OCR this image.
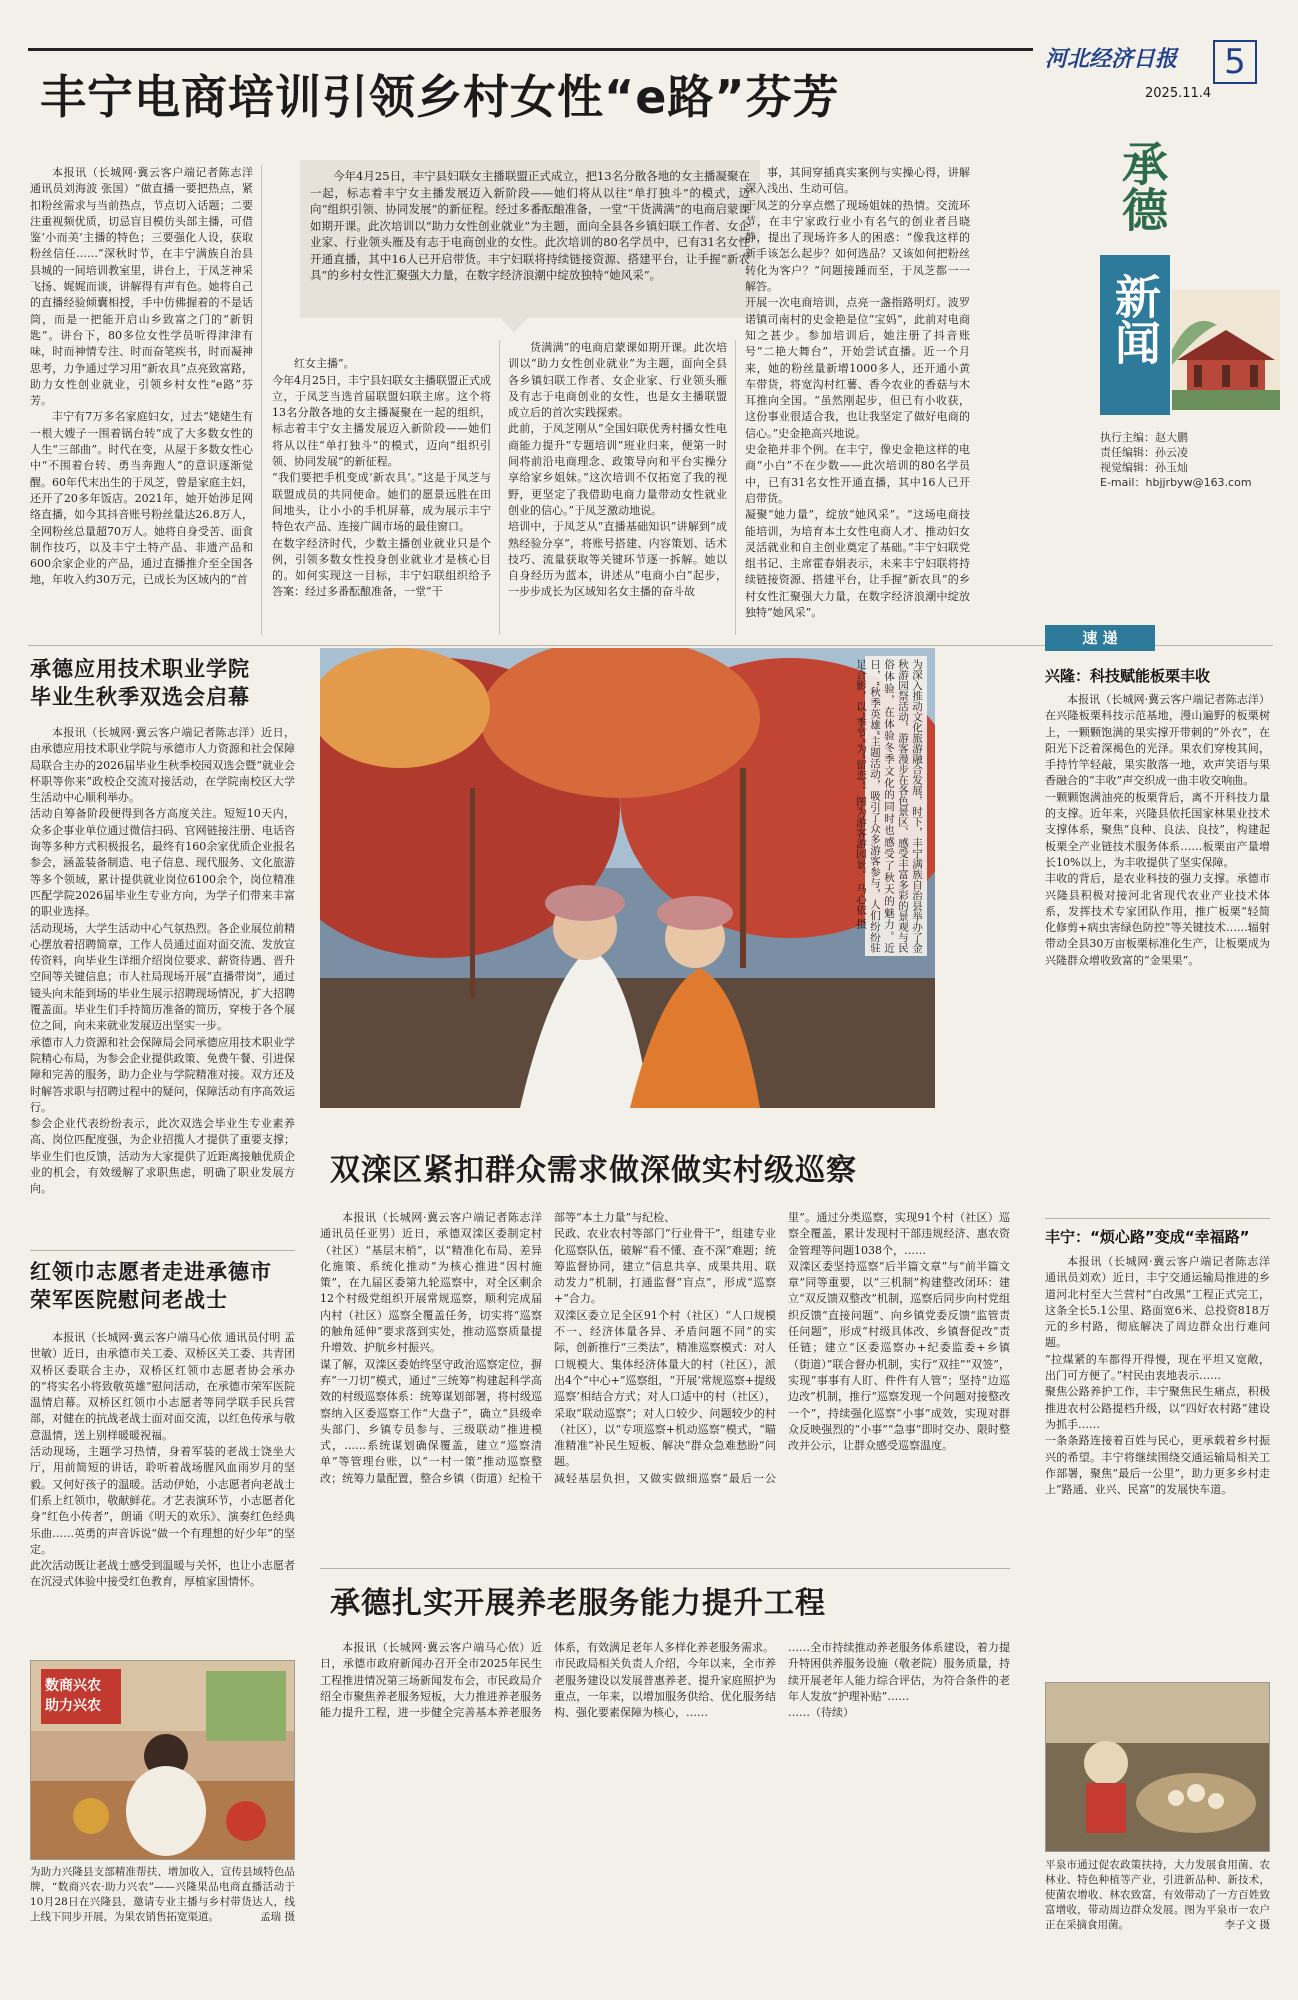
丰宁电商培训引领乡村女性“e路”芬芳
河北经济日报	5
2025.11.4
承德
新闻
执行主编：赵大鹏
责任编辑：孙云凌
视觉编辑：孙玉灿
E-mail：hbjjrbyw@163.com

本报讯（长城网·冀云客户端记者陈志洋 通讯员刘海波 张国）“做直播一要把热点，紧扣粉丝需求与当前热点，节点切入话题；二要注重视频优质，切忌盲目模仿头部主播，可借鉴‘小而美’主播的特色；三要强化人设，获取粉丝信任……”深秋时节，在丰宁满族自治县县城的一间培训教室里，讲台上，于凤芝神采飞扬、娓娓而谈，讲解得有声有色。她将自己的直播经验倾囊相授，手中仿佛握着的不是话筒，而是一把能开启山乡致富之门的“新钥匙”。讲台下，80多位女性学员听得津津有味，时而神情专注、时而奋笔疾书，时而凝神思考，力争通过学习用“新农具”点亮致富路，助力女性创业就业，引领乡村女性“e路”芬芳。

丰宁有7万多名家庭妇女，过去“姥姥生有一根大嫂子一围着锅台转”成了大多数女性的人生“三部曲”。时代在变，从屋于多数女性心中“不围着台转、勇当奔跑人”的意识逐渐觉醒。60年代末出生的于凤芝，曾是家庭主妇，还开了20多年饭店。2021年，她开始涉足网络直播，如今其抖音账号粉丝量达26.8万人，全网粉丝总量超70万人。她将自身受苦、面食制作技巧，以及丰宁土特产品、非遗产品和600余家企业的产品，通过直播推介至全国各地，年收入约30万元，已成长为区域内的“首

今年4月25日，丰宁县妇联女主播联盟正式成立，把13名分散各地的女主播凝聚在一起，标志着丰宁女主播发展迈入新阶段——她们将从以往“单打独斗”的模式，迈向“组织引领、协同发展”的新征程。经过多番酝酿准备，一堂“干货满满”的电商启蒙课如期开课。此次培训以“助力女性创业就业”为主题，面向全县各乡镇妇联工作者、女企业家、行业领头雁及有志于电商创业的女性。此次培训的80名学员中，已有31名女性开通直播，其中16人已开启带货。丰宁妇联将持续链接资源、搭建平台，让手握“新农具”的乡村女性汇聚强大力量，在数字经济浪潮中绽放独特“她风采”。

红女主播”。
今年4月25日，丰宁县妇联女主播联盟正式成立，于凤芝当选首届联盟妇联主席。这个将13名分散各地的女主播凝聚在一起的组织，标志着丰宁女主播发展迈入新阶段——她们将从以往“单打独斗”的模式，迈向“组织引领、协同发展”的新征程。
“我们要把手机变成‘新农具’。”这是于凤芝与联盟成员的共同使命。她们的愿景远胜在田间地头，让小小的手机屏幕，成为展示丰宁特色农产品、连接广阔市场的最佳窗口。
在数字经济时代，少数主播创业就业只是个例，引领多数女性投身创业就业才是核心目的。如何实现这一目标，丰宁妇联组织给予答案：经过多番酝酿准备，一堂“干

货满满”的电商启蒙课如期开课。此次培训以“助力女性创业就业”为主题，面向全县各乡镇妇联工作者、女企业家、行业领头雁及有志于电商创业的女性，也是女主播联盟成立后的首次实践探索。
此前，于凤芝刚从“全国妇联优秀村播女性电商能力提升”专题培训”班业归来，便第一时间将前沿电商理念、政策导向和平台实操分享给家乡姐妹。”这次培训不仅拓宽了我的视野，更坚定了我借助电商力量带动女性就业创业的信心。”于凤芝激动地说。
培训中，于凤芝从“直播基础知识”讲解到“成熟经验分享”，将账号搭建、内容策划、话术技巧、流量获取等关键环节逐一拆解。她以自身经历为蓝本，讲述从“电商小白”起步，一步步成长为区域知名女主播的奋斗故

事，其间穿插真实案例与实操心得，讲解深入浅出、生动可信。
于凤芝的分享点燃了现场姐妹的热情。交流环节，在丰宁家政行业小有名气的创业者吕晓静，提出了现场许多人的困惑：“像我这样的新手该怎么起步？如何选品？又该如何把粉丝转化为客户？”问题接踵而至，于凤芝都一一解答。
开展一次电商培训，点亮一盏指路明灯。波罗诺镇司南村的史金艳是位“宝妈”，此前对电商知之甚少。参加培训后，她注册了抖音账号“二艳大舞台”，开始尝试直播。近一个月来，她的粉丝量新增1000多人，还开通小黄车带货，将宽沟村红薯、香今农业的香菇与木耳推向全国。“虽然刚起步，但已有小收获，这份事业很适合我，也让我坚定了做好电商的信心。”史金艳高兴地说。
史金艳并非个例。在丰宁，像史金艳这样的电商“小白”不在少数——此次培训的80名学员中，已有31名女性开通直播，其中16人已开启带货。
凝聚“她力量”，绽放“她风采”。“这场电商技能培训，为培育本土女性电商人才、推动妇女灵活就业和自主创业奠定了基础。”丰宁妇联党组书记、主席霍春娟表示，未来丰宁妇联将持续链接资源、搭建平台，让手握“新农具”的乡村女性汇聚强大力量，在数字经济浪潮中绽放独特“她风采”。

承德应用技术职业学院
毕业生秋季双选会启幕

本报讯（长城网·冀云客户端记者陈志洋）近日，由承德应用技术职业学院与承德市人力资源和社会保障局联合主办的2026届毕业生秋季校园双选会暨“就业会杯职等你来”政校企交流对接活动，在学院南校区大学生活动中心顺利举办。
活动自筹备阶段便得到各方高度关注。短短10天内，众多企事业单位通过微信扫码、官网链接注册、电话咨询等多种方式积极报名，最终有160余家优质企业报名参会，涵盖装备制造、电子信息、现代服务、文化旅游等多个领域，累计提供就业岗位6100余个，岗位精准匹配学院2026届毕业生专业方向，为学子们带来丰富的职业选择。
活动现场，大学生活动中心气氛热烈。各企业展位前精心摆放着招聘简章，工作人员通过面对面交流、发放宣传资料，向毕业生详细介绍岗位要求、薪资待遇、晋升空间等关键信息；市人社局现场开展“直播带岗”，通过镜头向未能到场的毕业生展示招聘现场情况，扩大招聘覆盖面。毕业生们手持简历准备的简历，穿梭于各个展位之间，向未来就业发展迈出坚实一步。
承德市人力资源和社会保障局会同承德应用技术职业学院精心布局，为参会企业提供政策、免费午餐、引进保障和完善的服务，助力企业与学院精准对接。双方还及时解答求职与招聘过程中的疑问，保障活动有序高效运行。
参会企业代表纷纷表示，此次双选会毕业生专业素养高、岗位匹配度强，为企业招揽人才提供了重要支撑；毕业生们也反馈，活动为大家提供了近距离接触优质企业的机会，有效缓解了求职焦虑，明确了职业发展方向。

红领巾志愿者走进承德市
荣军医院慰问老战士

本报讯（长城网·冀云客户端马心依 通讯员付明 孟世敏）近日，由承德市关工委、双桥区关工委、共青团双桥区委联合主办，双桥区红领巾志愿者协会承办的“将实名小将致敬英雄”慰问活动，在承德市荣军医院温情启幕。双桥区红领巾小志愿者等同学联手民兵营部，对健在的抗战老战士面对面交流，以红色传承与敬意温情，送上别样暖暖祝福。
活动现场，主题学习热情，身着军装的老战士饶坐大厅，用前简短的讲话，聆听着战场腥风血雨岁月的坚毅。又何好孩子的温暖。活动伊始，小志愿者向老战士们系上红领巾，敬献鲜花。才艺表演环节，小志愿者化身“红色小传者”，朗诵《明天的欢乐》、演奏红色经典乐曲……英勇的声音诉说“做一个有理想的好少年”的坚定。
此次活动既让老战士感受到温暖与关怀，也让小志愿者在沉浸式体验中接受红色教育，厚植家国情怀。

数商兴农
助力兴农
为助力兴隆县支部精准帮扶、增加收入，宣传县域特色品牌，“数商兴农·助力兴农”——兴隆果品电商直播活动于10月28日在兴隆县，邀请专业主播与乡村带货达人，线上线下同步开展，为果农销售拓宽渠道。	孟瑞 摄
为深入推动文化旅游融合发展，时下，丰宁满族自治县举办了金秋游园祭活动，游客漫步在各色景区、感受丰富多彩的景观与民俗体验，在体验冬季文化的同时也感受了秋天的魅力。近日，“秋季英雄”主题活动，吸引了众多游客参与，人们纷纷驻足合影，以“季节”为“留恋”。图为游客游园景。 马心依 摄
双滦区紧扣群众需求做深做实村级巡察

本报讯（长城网·冀云客户端记者陈志洋 通讯员任亚男）近日，承德双滦区委制定村（社区）“基层末梢”，以“精准化布局、差异化施策、系统化推动”为核心推进“因村施策”，在九届区委第九轮巡察中，对全区剩余12个村级党组织开展常规巡察，顺利完成届内村（社区）巡察全覆盖任务，切实将“巡察的触角延伸”要求落到实处，推动巡察质量提升增效、护航乡村振兴。
谋了解，双滦区委始终坚守政治巡察定位，摒弃“一刀切”模式，通过“三统筹”构建起科学高效的村级巡察体系：统筹谋划部署，将村级巡察纳入区委巡察工作“大盘子”，确立“县级牵头部门、乡镇专员参与、三级联动”推进模式，……系统谋划确保覆盖，建立“巡察清单”等管理台账，以“一村一策”推动巡察整改；统筹力量配置，整合乡镇（街道）纪检干部等“本土力量”与纪检、
民政、农业农村等部门“行业骨干”，组建专业化巡察队伍，破解“看不懂、查不深”难题；统筹监督协同，建立“信息共享、成果共用、联动发力”机制，打通监督“盲点”，形成“巡察+”合力。
双滦区委立足全区91个村（社区）“人口规模不一、经济体量各异、矛盾问题不同”的实际，创新推行“三类法”，精准巡察模式：对人口规模大、集体经济体量大的村（社区），派出4个“中心+”巡察组，“开展‘常规巡察+提级巡察’相结合方式；对人口适中的村（社区），采取“联动巡察”；对人口较少、问题较少的村（社区），以“专项巡察+机动巡察”模式，“瞄准精准”补民生短板、解决“群众急难愁盼”问题。
减轻基层负担，又做实做细巡察“最后一公里”。通过分类巡察，实现91个村（社区）巡察全覆盖，累计发现村干部违规经济、惠农资金管理等问题1038个，……
双滦区委坚持巡察“后半篇文章”与“前半篇文章”同等重要，以“三机制”构建整改闭环：建立“双反馈双整改”机制，巡察后同步向村党组织反馈“直接问题”、向乡镇党委反馈“监管责任问题”，形成“村级具体改、乡镇督促改”责任链；建立“区委巡察办+纪委监委+乡镇（街道）”联合督办机制，实行“双挂”“双签”，实现“事事有人盯、件件有人管”；坚持“边巡边改”机制，推行“巡察发现一个问题对接整改一个”，持续强化巡察“小事”成效，实现对群众反映强烈的“小事”“急事”即时交办、限时整改并公示，让群众感受巡察温度。

承德扎实开展养老服务能力提升工程

本报讯（长城网·冀云客户端马心依）近日，承德市政府新闻办召开全市2025年民生工程推进情况第三场新闻发布会，市民政局介绍全市聚焦养老服务短板，大力推进养老服务能力提升工程，进一步健全完善基本养老服务体系，有效满足老年人多样化养老服务需求。
市民政局相关负责人介绍，今年以来，全市养老服务建设以发展普惠养老、提升家庭照护为重点，一年来，以增加服务供给、优化服务结构、强化要素保障为核心，……
……全市持续推动养老服务体系建设，着力提升特困供养服务设施（敬老院）服务质量，持续开展老年人能力综合评估，为符合条件的老年人发放“护理补贴”……
……（待续）

速 递
兴隆：科技赋能板栗丰收

本报讯（长城网·冀云客户端记者陈志洋）在兴隆板栗科技示范基地，漫山遍野的板栗树上，一颗颗饱满的果实撑开带刺的“外衣”，在阳光下泛着深褐色的光泽。果农们穿梭其间，手持竹竿轻敲，果实散落一地，欢声笑语与果香融合的“丰收”声交织成一曲丰收交响曲。
一颗颗饱满油亮的板栗背后，离不开科技力量的支撑。近年来，兴隆县依托国家林果业技术支撑体系，聚焦“良种、良法、良技”，构建起板栗全产业链技术服务体系……板栗亩产量增长10%以上，为丰收提供了坚实保障。
丰收的背后，是农业科技的强力支撑。承德市兴隆县积极对接河北省现代农业产业技术体系，发挥技术专家团队作用，推广板栗“轻简化修剪+病虫害绿色防控”等关键技术……辐射带动全县30万亩板栗标准化生产，让板栗成为兴隆群众增收致富的“金果果”。

丰宁：“烦心路”变成“幸福路”

本报讯（长城网·冀云客户端记者陈志洋 通讯员刘欢）近日，丰宁交通运输局推进的乡道河北村至大兰营村“白改黑”工程正式完工，这条全长5.1公里、路面宽6米、总投资818万元的乡村路，彻底解决了周边群众出行难问题。
“拉煤紧的车都得开得慢，现在平坦又宽敞，出门可方便了。”村民由衷地表示……
聚焦公路养护工作，丰宁聚焦民生痛点，积极推进农村公路提档升级，以“四好农村路”建设为抓手……
一条条路连接着百姓与民心，更承载着乡村振兴的希望。丰宁将继续围绕交通运输局相关工作部署，聚焦“最后一公里”，助力更多乡村走上“路通、业兴、民富”的发展快车道。

平泉市通过促农政策扶持，大力发展食用菌、农林业、特色种植等产业，引进新品种、新技术，使菌农增收、林农致富，有效带动了一方百姓致富增收，带动周边群众发展。图为平泉市一农户正在采摘食用菌。	李子文 摄
